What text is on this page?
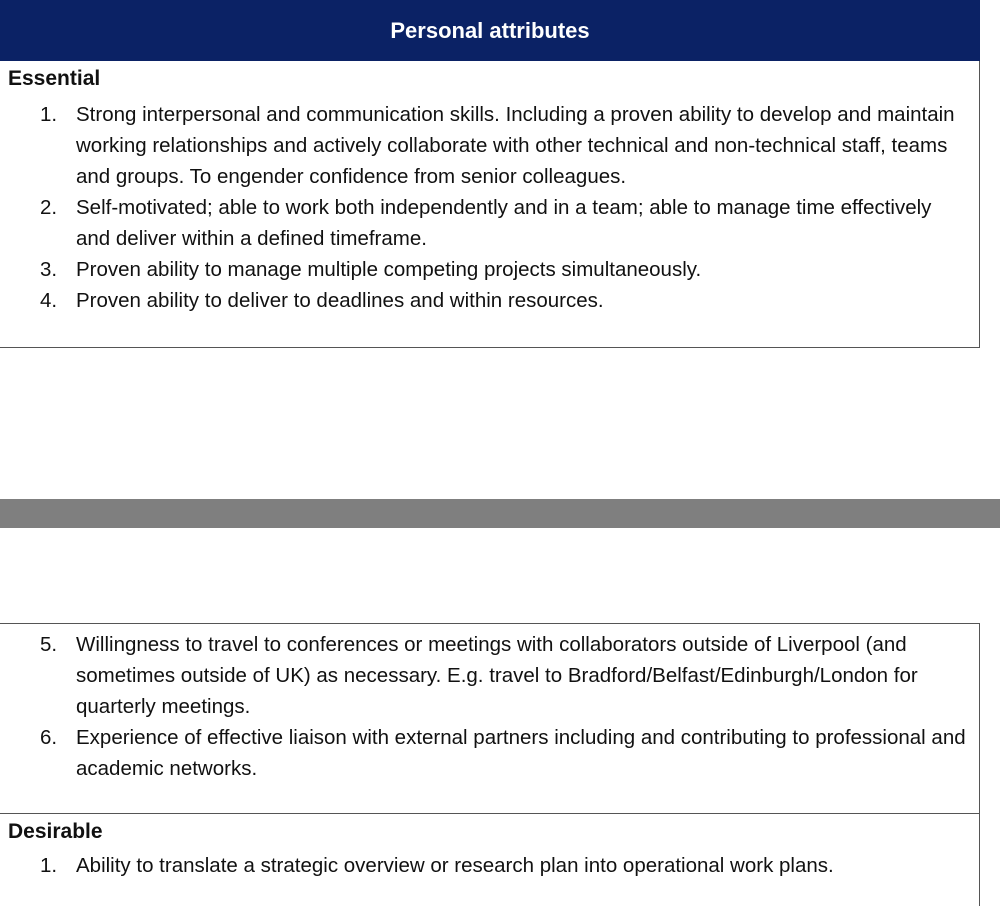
Personal attributes
Essential
1. Strong interpersonal and communication skills. Including a proven ability to develop and maintain working relationships and actively collaborate with other technical and non-technical staff, teams and groups. To engender confidence from senior colleagues.
2. Self-motivated; able to work both independently and in a team; able to manage time effectively and deliver within a defined timeframe.
3. Proven ability to manage multiple competing projects simultaneously.
4. Proven ability to deliver to deadlines and within resources.
5. Willingness to travel to conferences or meetings with collaborators outside of Liverpool (and sometimes outside of UK) as necessary. E.g. travel to Bradford/Belfast/Edinburgh/London for quarterly meetings.
6. Experience of effective liaison with external partners including and contributing to professional and academic networks.
Desirable
1. Ability to translate a strategic overview or research plan into operational work plans.
